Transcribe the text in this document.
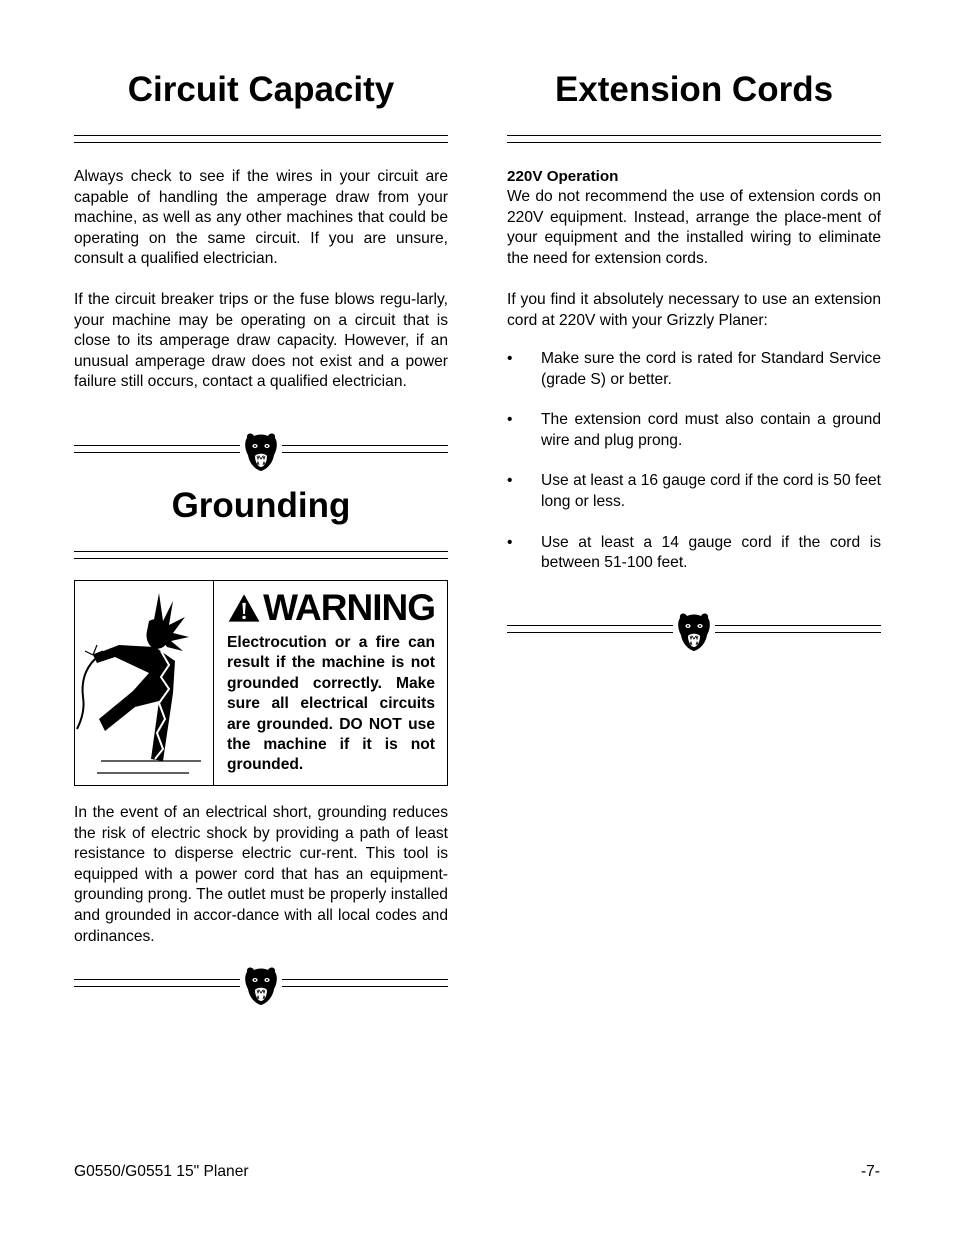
Circuit Capacity

Always check to see if the wires in your circuit are capable of handling the amperage draw from your machine, as well as any other machines that could be operating on the same circuit. If you are unsure, consult a qualified electrician.

If the circuit breaker trips or the fuse blows regu-larly, your machine may be operating on a circuit that is close to its amperage draw capacity. However, if an unusual amperage draw does not exist and a power failure still occurs, contact a qualified electrician.

Grounding
WARNING

Electrocution or a fire can result if the machine is not grounded correctly. Make sure all electrical circuits are grounded. DO NOT use the machine if it is not grounded.

In the event of an electrical short, grounding reduces the risk of electric shock by providing a path of least resistance to disperse electric cur-rent. This tool is equipped with a power cord that has an equipment-grounding prong. The outlet must be properly installed and grounded in accor-dance with all local codes and ordinances.

Extension Cords

220V Operation

We do not recommend the use of extension cords on 220V equipment. Instead, arrange the place-ment of your equipment and the installed wiring to eliminate the need for extension cords.

If you find it absolutely necessary to use an extension cord at 220V with your Grizzly Planer:

• Make sure the cord is rated for Standard Service (grade S) or better.
• The extension cord must also contain a ground wire and plug prong.
• Use at least a 16 gauge cord if the cord is 50 feet long or less.
• Use at least a 14 gauge cord if the cord is between 51-100 feet.
G0550/G0551 15" Planer	-7-
